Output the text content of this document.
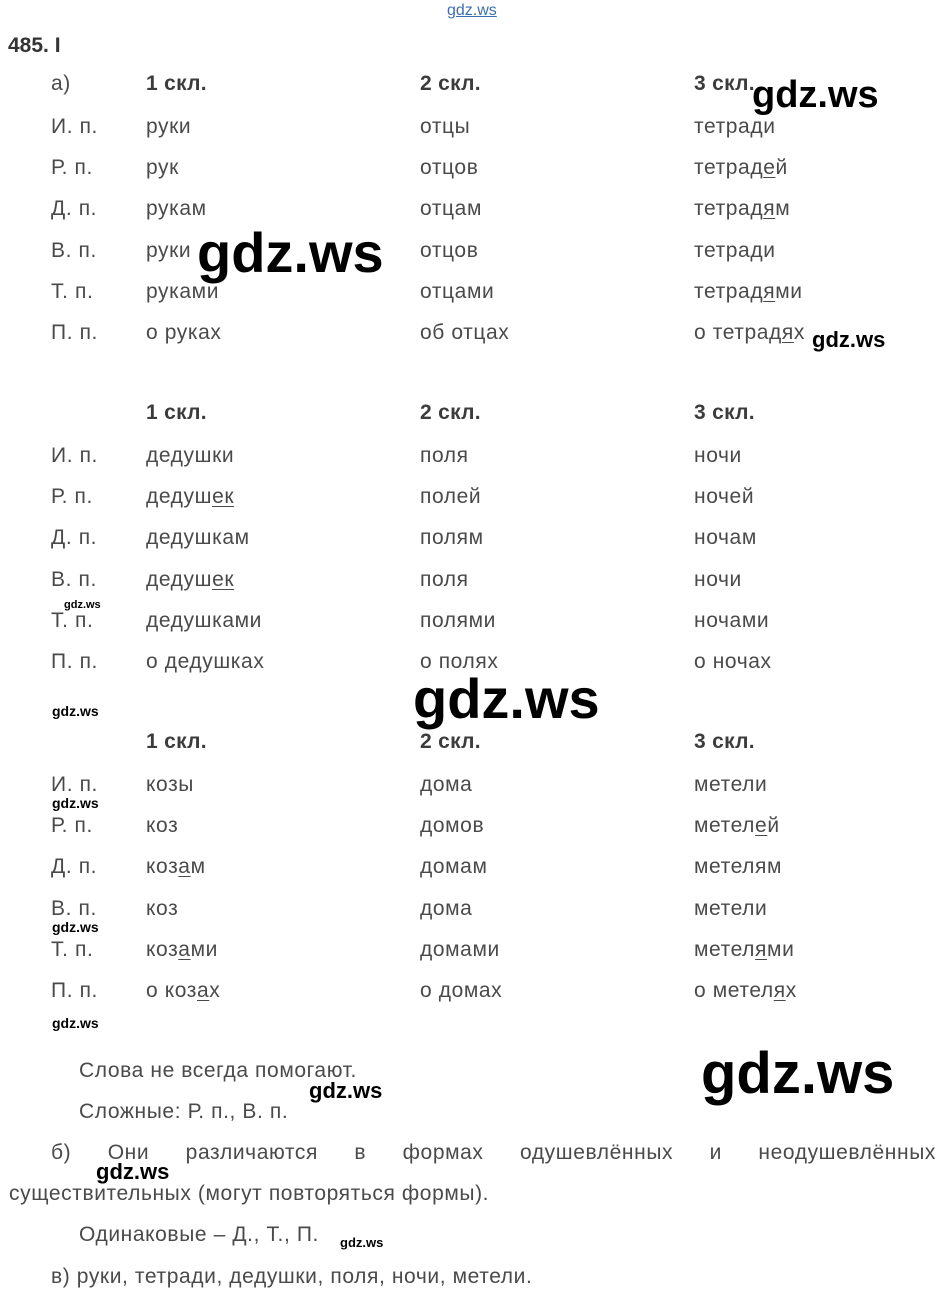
gdz.ws
485. I
а)	1 скл.	2 скл.	3 скл.
И. п. руки	отцы	тетради
Р. п.	рук	отцов	тетрадей
Д. п. рукам	отцам	тетрадям
В. п. руки	отцов	тетради
Т. п.	руками	отцами	тетрадями
П. п. о руках	об отцах	о тетрадях
1 скл.	2 скл.	3 скл.
И. п. дедушки	поля	ночи
Р. п.	дедушек	полей	ночей
Д. п. дедушкам	полям	ночам
В. п. дедушек	поля	ночи
Т. п.	дедушками	полями	ночами
П. п. о дедушках	о полях	о ночах
1 скл.	2 скл.	3 скл.
И. п. козы	дома	метели
Р. п.	коз	домов	метелей
Д. п. козам	домам	метелям
В. п. коз	дома	метели
Т. п.	козами	домами	метелями
П. п. о козах	о домах	о метелях
Слова не всегда помогают.
Сложные: Р. п., В. п.
б) Они различаются в формах одушевлённых и неодушевлённых
существительных (могут повторяться формы).
Одинаковые – Д., Т., П.
в) руки, тетради, дедушки, поля, ночи, метели.
gdz.ws
gdz.ws
gdz.ws
gdz.ws
gdz.ws
gdz.ws
gdz.ws
gdz.ws
gdz.ws
gdz.ws
gdz.ws
gdz.ws
gdz.ws
